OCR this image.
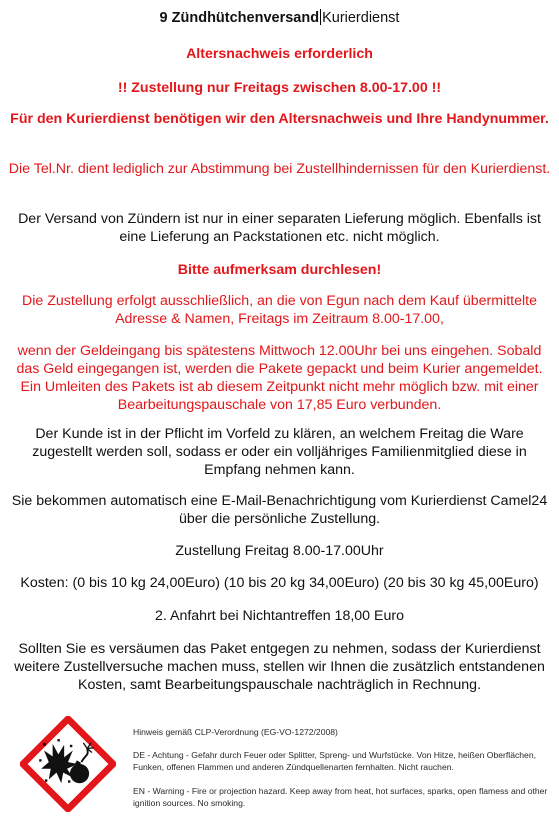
9 Zündhütchenversand Kurierdienst
Altersnachweis erforderlich
!! Zustellung nur Freitags zwischen 8.00-17.00 !!
Für den Kurierdienst benötigen wir den Altersnachweis und Ihre Handynummer.
Die Tel.Nr. dient lediglich zur Abstimmung bei Zustellhindernissen für den Kurierdienst.
Der Versand von Zündern ist nur in einer separaten Lieferung möglich. Ebenfalls ist eine Lieferung an Packstationen etc. nicht möglich.
Bitte aufmerksam durchlesen!
Die Zustellung erfolgt ausschließlich, an die von Egun nach dem Kauf übermittelte Adresse & Namen, Freitags im Zeitraum 8.00-17.00,
wenn der Geldeingang bis spätestens Mittwoch 12.00Uhr bei uns eingehen. Sobald das Geld eingegangen ist, werden die Pakete gepackt und beim Kurier angemeldet. Ein Umleiten des Pakets ist ab diesem Zeitpunkt nicht mehr möglich bzw. mit einer Bearbeitungspauschale von 17,85 Euro verbunden.
Der Kunde ist in der Pflicht im Vorfeld zu klären, an welchem Freitag die Ware zugestellt werden soll, sodass er oder ein volljähriges Familienmitglied diese in Empfang nehmen kann.
Sie bekommen automatisch eine E-Mail-Benachrichtigung vom Kurierdienst Camel24 über die persönliche Zustellung.
Zustellung Freitag 8.00-17.00Uhr
Kosten: (0 bis 10 kg 24,00Euro) (10 bis 20 kg 34,00Euro) (20 bis 30 kg 45,00Euro)
2. Anfahrt bei Nichtantreffen 18,00 Euro
Sollten Sie es versäumen das Paket entgegen zu nehmen, sodass der Kurierdienst weitere Zustellversuche machen muss, stellen wir Ihnen die zusätzlich entstandenen Kosten, samt Bearbeitungspauschale nachträglich in Rechnung.
Hinweis gemäß CLP-Verordnung (EG-VO-1272/2008)
DE - Achtung - Gefahr durch Feuer oder Splitter, Spreng- und Wurfstücke. Von Hitze, heißen Oberflächen, Funken, offenen Flammen und anderen Zündquellenarten fernhalten. Nicht rauchen.
EN - Warning - Fire or projection hazard. Keep away from heat, hot surfaces, sparks, open flamess and other ignition sources. No smoking.
